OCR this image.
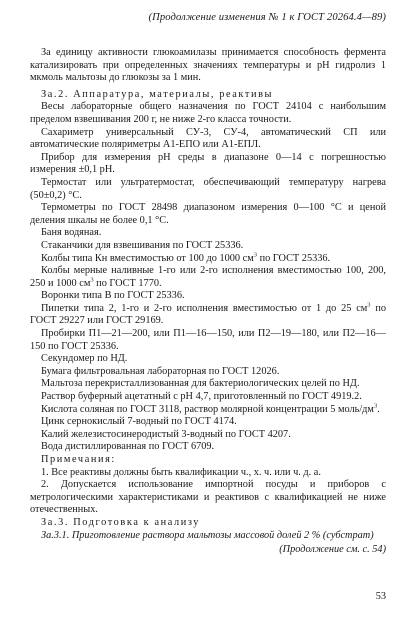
(Продолжение изменения № 1 к ГОСТ 20264.4—89)

За единицу активности глюкоамилазы принимается способность фермента катализировать при определенных значениях температуры и рН гидролиз 1 мкмоль мальтозы до глюкозы за 1 мин.

За.2. Аппаратура, материалы, реактивы

Весы лабораторные общего назначения по ГОСТ 24104 с наибольшим пределом взвешивания 200 г, не ниже 2-го класса точности.

Сахариметр универсальный СУ-3, СУ-4, автоматический СП или автоматические поляриметры А1-ЕПО или А1-ЕПЛ.

Прибор для измерения рН среды в диапазоне 0—14 с погрешностью измерения ±0,1 рН.

Термостат или ультратермостат, обеспечивающий температуру нагрева (50±0,2) °С.

Термометры по ГОСТ 28498 диапазоном измерения 0—100 °С и ценой деления шкалы не более 0,1 °С.

Баня водяная.

Стаканчики для взвешивания по ГОСТ 25336.

Колбы типа Кн вместимостью от 100 до 1000 $см^3$ по ГОСТ 25336.

Колбы мерные наливные 1-го или 2-го исполнения вместимостью 100, 200, 250 и 1000 $см^3$ по ГОСТ 1770.

Воронки типа В по ГОСТ 25336.

Пипетки типа 2, 1-го и 2-го исполнения вместимостью от 1 до 25 $см^3$ по ГОСТ 29227 или ГОСТ 29169.

Пробирки П1—21—200, или П1—16—150, или П2—19—180, или П2—16—150 по ГОСТ 25336.

Секундомер по НД.

Бумага фильтровальная лабораторная по ГОСТ 12026.

Мальтоза перекристаллизованная для бактериологических целей по НД.

Раствор буферный ацетатный с рН 4,7, приготовленный по ГОСТ 4919.2.

Кислота соляная по ГОСТ 3118, раствор молярной концентрации 5 моль/$дм^3$.

Цинк сернокислый 7-водный по ГОСТ 4174.

Калий железистосинеродистый 3-водный по ГОСТ 4207.

Вода дистиллированная по ГОСТ 6709.

Примечания:

1. Все реактивы должны быть квалификации ч., х. ч. или ч. д. а.

2. Допускается использование импортной посуды и приборов с метрологическими характеристиками и реактивов с квалификацией не ниже отечественных.

За.3. Подготовка к анализу

За.3.1. Приготовление раствора мальтозы массовой долей 2 % (субстрат)

(Продолжение см. с. 54)

53
